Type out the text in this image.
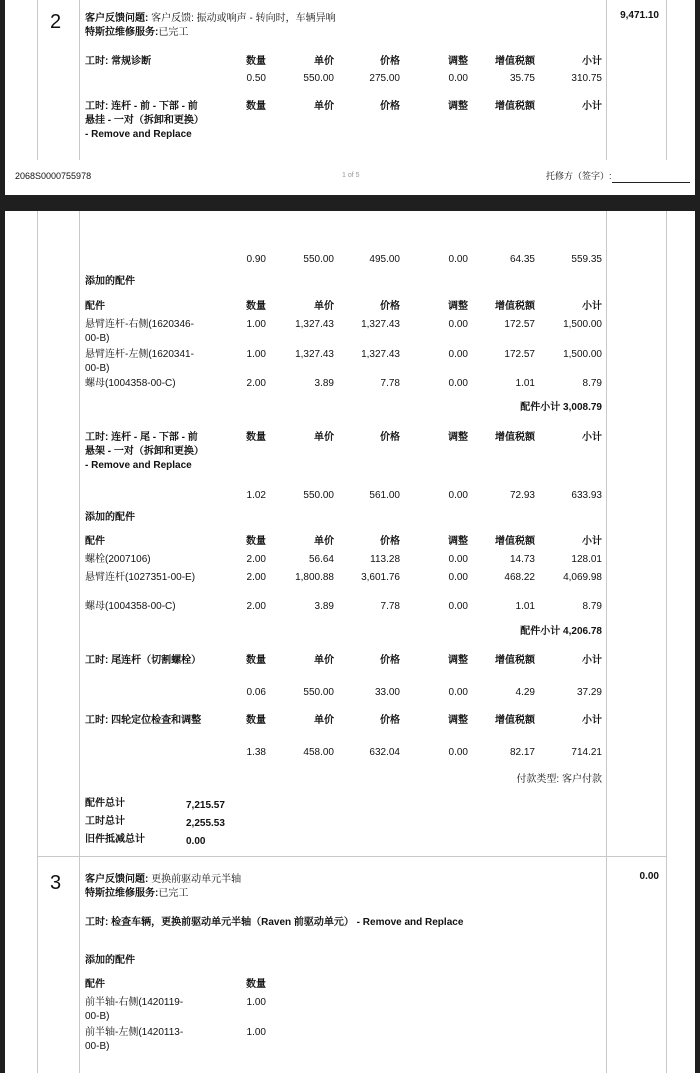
2	9,471.10
客户反馈问题: 客户反馈: 振动或响声 - 转向时，车辆异响
特斯拉维修服务:已完工
工时: 常规诊断	数量	单价	价格	调整	增值税额	小计
0.50	550.00	275.00	0.00	35.75	310.75
工时: 连杆 - 前 - 下部 - 前悬挂 - 一对（拆卸和更换） - Remove and Replace
数量	单价	价格	调整	增值税额	小计
2068S0000755978	1 of 5	托修方（签字）:
0.90	550.00	495.00	0.00	64.35	559.35
添加的配件
配件	数量	单价	价格	调整	增值税额	小计
悬臂连杆-右侧(1620346-00-B)
1.00	1,327.43	1,327.43	0.00	172.57	1,500.00
悬臂连杆-左侧(1620341-00-B)
1.00	1,327.43	1,327.43	0.00	172.57	1,500.00
螺母(1004358-00-C)	2.00	3.89	7.78	0.00	1.01	8.79
配件小计 3,008.79
工时: 连杆 - 尾 - 下部 - 前悬架 - 一对（拆卸和更换） - Remove and Replace
数量	单价	价格	调整	增值税额	小计
1.02	550.00	561.00	0.00	72.93	633.93
添加的配件
配件	数量	单价	价格	调整	增值税额	小计
螺栓(2007106)	2.00	56.64	113.28	0.00	14.73	128.01
悬臂连杆(1027351-00-E)	2.00	1,800.88	3,601.76	0.00	468.22	4,069.98
螺母(1004358-00-C)	2.00	3.89	7.78	0.00	1.01	8.79
配件小计 4,206.78
工时: 尾连杆（切割螺栓）	数量	单价	价格	调整	增值税额	小计
0.06	550.00	33.00	0.00	4.29	37.29
工时: 四轮定位检查和调整	数量	单价	价格	调整	增值税额	小计
1.38	458.00	632.04	0.00	82.17	714.21
付款类型: 客户付款
配件总计	7,215.57
工时总计	2,255.53
旧件抵减总计	0.00
3	0.00
客户反馈问题: 更换前驱动单元半轴
特斯拉维修服务:已完工
工时: 检查车辆，更换前驱动单元半轴（Raven 前驱动单元） - Remove and Replace
添加的配件
配件	数量
前半轴-右侧(1420119-00-B)
1.00
前半轴-左侧(1420113-00-B)
1.00
